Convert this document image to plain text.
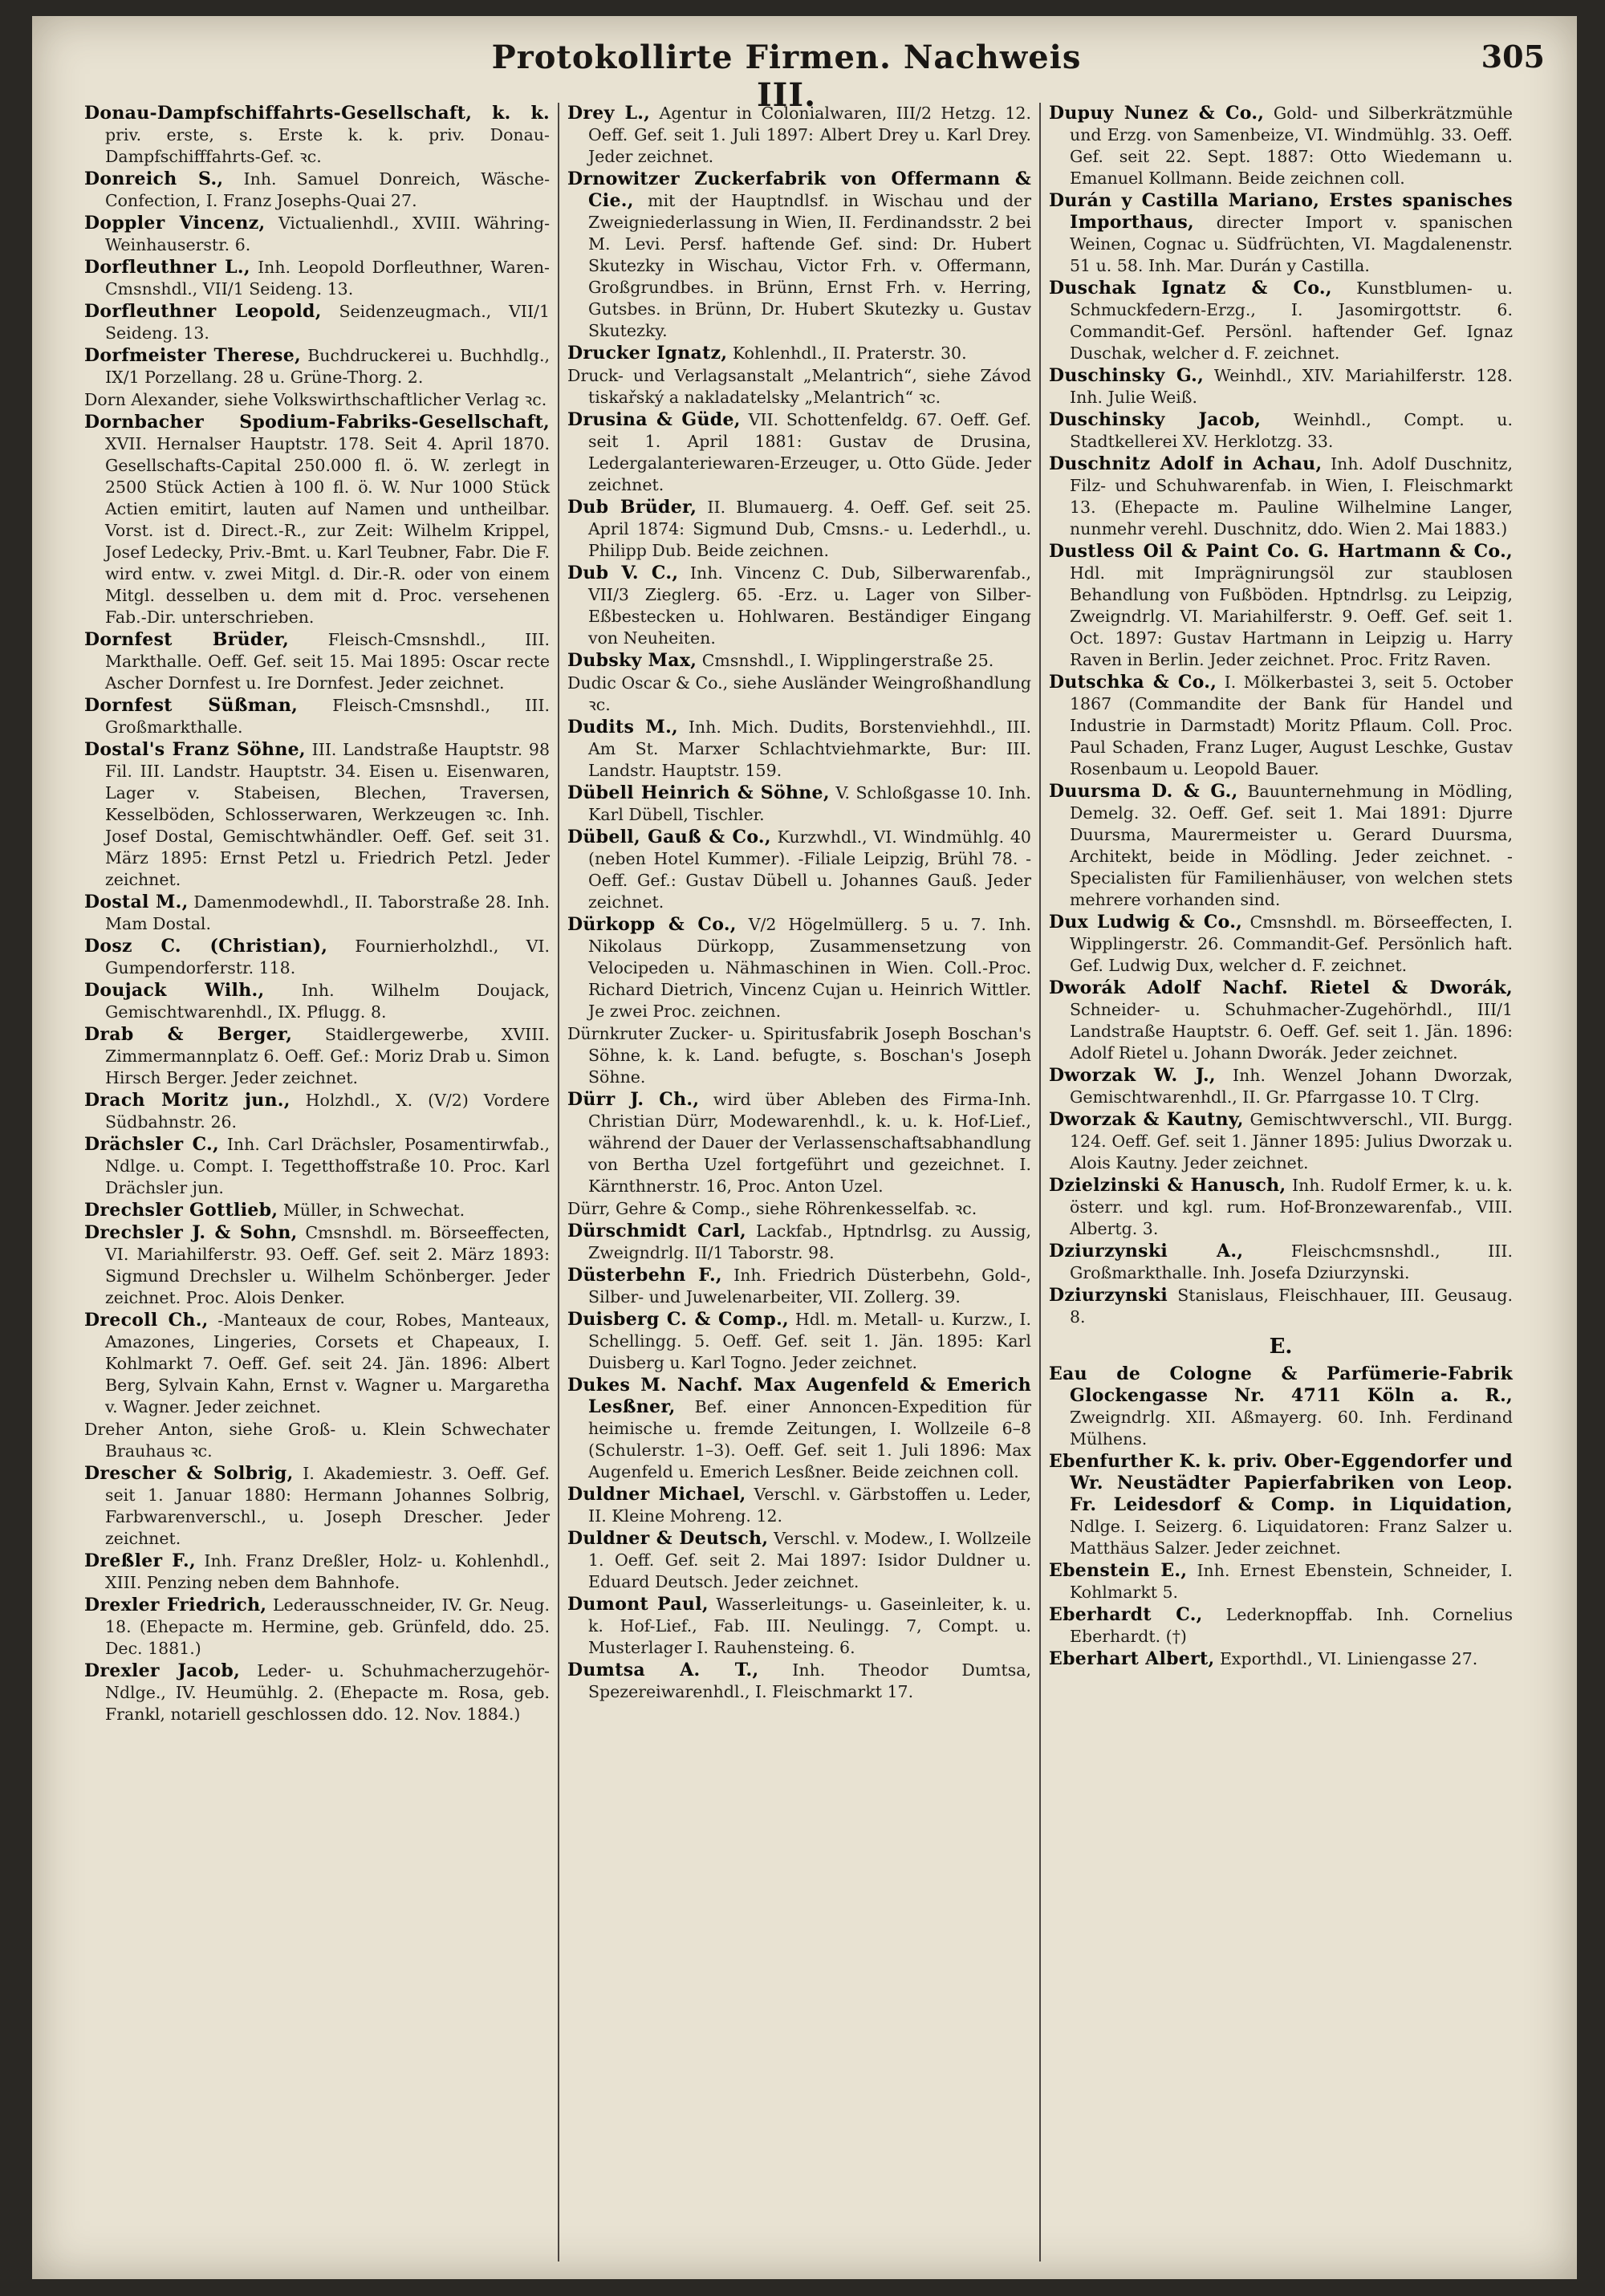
Protokollirte Firmen. Nachweis III.
305
Donau-Dampfschiffahrts-Gesellschaft, k. k. priv. erste, s. Erste k. k. priv. Donau-Dampfschifffahrts-Gef. ꝛc.
Donreich S., Inh. Samuel Donreich, Wäsche-Confection, I. Franz Josephs-Quai 27.
Doppler Vincenz, Victualienhdl., XVIII. Währing-Weinhauserstr. 6.
Dorfleuthner L., Inh. Leopold Dorfleuthner, Waren-Cmsnshdl., VII/1 Seideng. 13.
Dorfleuthner Leopold, Seidenzeugmach., VII/1 Seideng. 13.
Dorfmeister Therese, Buchdruckerei u. Buchhdlg., IX/1 Porzellang. 28 u. Grüne-Thorg. 2.
Dorn Alexander, siehe Volkswirthschaftlicher Verlag ꝛc.
Dornbacher Spodium-Fabriks-Gesellschaft, XVII. Hernalser Hauptstr. 178. Seit 4. April 1870. Gesellschafts-Capital 250.000 fl. ö. W. zerlegt in 2500 Stück Actien à 100 fl. ö. W. Nur 1000 Stück Actien emitirt, lauten auf Namen und untheilbar. Vorst. ist d. Direct.-R., zur Zeit: Wilhelm Krippel, Josef Ledecky, Priv.-Bmt. u. Karl Teubner, Fabr. Die F. wird entw. v. zwei Mitgl. d. Dir.-R. oder von einem Mitgl. desselben u. dem mit d. Proc. versehenen Fab.-Dir. unterschrieben.
Dornfest Brüder, Fleisch-Cmsnshdl., III. Markthalle. Oeff. Gef. seit 15. Mai 1895: Oscar recte Ascher Dornfest u. Ire Dornfest. Jeder zeichnet.
Dornfest Süßman, Fleisch-Cmsnshdl., III. Großmarkthalle.
Dostal's Franz Söhne, III. Landstraße Hauptstr. 98 Fil. III. Landstr. Hauptstr. 34. Eisen u. Eisenwaren, Lager v. Stabeisen, Blechen, Traversen, Kesselböden, Schlosserwaren, Werkzeugen ꝛc. Inh. Josef Dostal, Gemischtwhändler. Oeff. Gef. seit 31. März 1895: Ernst Petzl u. Friedrich Petzl. Jeder zeichnet.
Dostal M., Damenmodewhdl., II. Taborstraße 28. Inh. Mam Dostal.
Dosz C. (Christian), Fournierholzhdl., VI. Gumpendorferstr. 118.
Doujack Wilh., Inh. Wilhelm Doujack, Gemischtwarenhdl., IX. Pflugg. 8.
Drab & Berger, Staidlergewerbe, XVIII. Zimmermannplatz 6. Oeff. Gef.: Moriz Drab u. Simon Hirsch Berger. Jeder zeichnet.
Drach Moritz jun., Holzhdl., X. (V/2) Vordere Südbahnstr. 26.
Drächsler C., Inh. Carl Drächsler, Posamentirwfab., Ndlge. u. Compt. I. Tegetthoffstraße 10. Proc. Karl Drächsler jun.
Drechsler Gottlieb, Müller, in Schwechat.
Drechsler J. & Sohn, Cmsnshdl. m. Börseeffecten, VI. Mariahilferstr. 93. Oeff. Gef. seit 2. März 1893: Sigmund Drechsler u. Wilhelm Schönberger. Jeder zeichnet. Proc. Alois Denker.
Drecoll Ch., -Manteaux de cour, Robes, Manteaux, Amazones, Lingeries, Corsets et Chapeaux, I. Kohlmarkt 7. Oeff. Gef. seit 24. Jän. 1896: Albert Berg, Sylvain Kahn, Ernst v. Wagner u. Margaretha v. Wagner. Jeder zeichnet.
Dreher Anton, siehe Groß- u. Klein Schwechater Brauhaus ꝛc.
Drescher & Solbrig, I. Akademiestr. 3. Oeff. Gef. seit 1. Januar 1880: Hermann Johannes Solbrig, Farbwarenverschl., u. Joseph Drescher. Jeder zeichnet.
Dreßler F., Inh. Franz Dreßler, Holz- u. Kohlenhdl., XIII. Penzing neben dem Bahnhofe.
Drexler Friedrich, Lederausschneider, IV. Gr. Neug. 18. (Ehepacte m. Hermine, geb. Grünfeld, ddo. 25. Dec. 1881.)
Drexler Jacob, Leder- u. Schuhmacherzugehör-Ndlge., IV. Heumühlg. 2. (Ehepacte m. Rosa, geb. Frankl, notariell geschlossen ddo. 12. Nov. 1884.)
Drey L., Agentur in Colonialwaren, III/2 Hetzg. 12. Oeff. Gef. seit 1. Juli 1897: Albert Drey u. Karl Drey. Jeder zeichnet.
Drnowitzer Zuckerfabrik von Offermann & Cie., mit der Hauptndlsf. in Wischau und der Zweigniederlassung in Wien, II. Ferdinandsstr. 2 bei M. Levi. Persf. haftende Gef. sind: Dr. Hubert Skutezky in Wischau, Victor Frh. v. Offermann, Großgrundbes. in Brünn, Ernst Frh. v. Herring, Gutsbes. in Brünn, Dr. Hubert Skutezky u. Gustav Skutezky.
Drucker Ignatz, Kohlenhdl., II. Praterstr. 30.
Druck- und Verlagsanstalt „Melantrich“, siehe Závod tiskařský a nakladatelsky „Melantrich“ ꝛc.
Drusina & Güde, VII. Schottenfeldg. 67. Oeff. Gef. seit 1. April 1881: Gustav de Drusina, Ledergalanteriewaren-Erzeuger, u. Otto Güde. Jeder zeichnet.
Dub Brüder, II. Blumauerg. 4. Oeff. Gef. seit 25. April 1874: Sigmund Dub, Cmsns.- u. Lederhdl., u. Philipp Dub. Beide zeichnen.
Dub V. C., Inh. Vincenz C. Dub, Silberwarenfab., VII/3 Zieglerg. 65. -Erz. u. Lager von Silber-Eßbestecken u. Hohlwaren. Beständiger Eingang von Neuheiten.
Dubsky Max, Cmsnshdl., I. Wipplingerstraße 25.
Dudic Oscar & Co., siehe Ausländer Weingroßhandlung ꝛc.
Dudits M., Inh. Mich. Dudits, Borstenviehhdl., III. Am St. Marxer Schlachtviehmarkte, Bur: III. Landstr. Hauptstr. 159.
Dübell Heinrich & Söhne, V. Schloßgasse 10. Inh. Karl Dübell, Tischler.
Dübell, Gauß & Co., Kurzwhdl., VI. Windmühlg. 40 (neben Hotel Kummer). -Filiale Leipzig, Brühl 78. -Oeff. Gef.: Gustav Dübell u. Johannes Gauß. Jeder zeichnet.
Dürkopp & Co., V/2 Högelmüllerg. 5 u. 7. Inh. Nikolaus Dürkopp, Zusammensetzung von Velocipeden u. Nähmaschinen in Wien. Coll.-Proc. Richard Dietrich, Vincenz Cujan u. Heinrich Wittler. Je zwei Proc. zeichnen.
Dürnkruter Zucker- u. Spiritusfabrik Joseph Boschan's Söhne, k. k. Land. befugte, s. Boschan's Joseph Söhne.
Dürr J. Ch., wird über Ableben des Firma-Inh. Christian Dürr, Modewarenhdl., k. u. k. Hof-Lief., während der Dauer der Verlassenschaftsabhandlung von Bertha Uzel fortgeführt und gezeichnet. I. Kärnthnerstr. 16, Proc. Anton Uzel.
Dürr, Gehre & Comp., siehe Röhrenkesselfab. ꝛc.
Dürschmidt Carl, Lackfab., Hptndrlsg. zu Aussig, Zweigndrlg. II/1 Taborstr. 98.
Düsterbehn F., Inh. Friedrich Düsterbehn, Gold-, Silber- und Juwelenarbeiter, VII. Zollerg. 39.
Duisberg C. & Comp., Hdl. m. Metall- u. Kurzw., I. Schellingg. 5. Oeff. Gef. seit 1. Jän. 1895: Karl Duisberg u. Karl Togno. Jeder zeichnet.
Dukes M. Nachf. Max Augenfeld & Emerich Lesßner, Bef. einer Annoncen-Expedition für heimische u. fremde Zeitungen, I. Wollzeile 6–8 (Schulerstr. 1–3). Oeff. Gef. seit 1. Juli 1896: Max Augenfeld u. Emerich Lesßner. Beide zeichnen coll.
Duldner Michael, Verschl. v. Gärbstoffen u. Leder, II. Kleine Mohreng. 12.
Duldner & Deutsch, Verschl. v. Modew., I. Wollzeile 1. Oeff. Gef. seit 2. Mai 1897: Isidor Duldner u. Eduard Deutsch. Jeder zeichnet.
Dumont Paul, Wasserleitungs- u. Gaseinleiter, k. u. k. Hof-Lief., Fab. III. Neulingg. 7, Compt. u. Musterlager I. Rauhensteing. 6.
Dumtsa A. T., Inh. Theodor Dumtsa, Spezereiwarenhdl., I. Fleischmarkt 17.
Dupuy Nunez & Co., Gold- und Silberkrätzmühle und Erzg. von Samenbeize, VI. Windmühlg. 33. Oeff. Gef. seit 22. Sept. 1887: Otto Wiedemann u. Emanuel Kollmann. Beide zeichnen coll.
Durán y Castilla Mariano, Erstes spanisches Importhaus, directer Import v. spanischen Weinen, Cognac u. Südfrüchten, VI. Magdalenenstr. 51 u. 58. Inh. Mar. Durán y Castilla.
Duschak Ignatz & Co., Kunstblumen- u. Schmuckfedern-Erzg., I. Jasomirgottstr. 6. Commandit-Gef. Persönl. haftender Gef. Ignaz Duschak, welcher d. F. zeichnet.
Duschinsky G., Weinhdl., XIV. Mariahilferstr. 128. Inh. Julie Weiß.
Duschinsky Jacob, Weinhdl., Compt. u. Stadtkellerei XV. Herklotzg. 33.
Duschnitz Adolf in Achau, Inh. Adolf Duschnitz, Filz- und Schuhwarenfab. in Wien, I. Fleischmarkt 13. (Ehepacte m. Pauline Wilhelmine Langer, nunmehr verehl. Duschnitz, ddo. Wien 2. Mai 1883.)
Dustless Oil & Paint Co. G. Hartmann & Co., Hdl. mit Imprägnirungsöl zur staublosen Behandlung von Fußböden. Hptndrlsg. zu Leipzig, Zweigndrlg. VI. Mariahilferstr. 9. Oeff. Gef. seit 1. Oct. 1897: Gustav Hartmann in Leipzig u. Harry Raven in Berlin. Jeder zeichnet. Proc. Fritz Raven.
Dutschka & Co., I. Mölkerbastei 3, seit 5. October 1867 (Commandite der Bank für Handel und Industrie in Darmstadt) Moritz Pflaum. Coll. Proc. Paul Schaden, Franz Luger, August Leschke, Gustav Rosenbaum u. Leopold Bauer.
Duursma D. & G., Bauunternehmung in Mödling, Demelg. 32. Oeff. Gef. seit 1. Mai 1891: Djurre Duursma, Maurermeister u. Gerard Duursma, Architekt, beide in Mödling. Jeder zeichnet. -Specialisten für Familienhäuser, von welchen stets mehrere vorhanden sind.
Dux Ludwig & Co., Cmsnshdl. m. Börseeffecten, I. Wipplingerstr. 26. Commandit-Gef. Persönlich haft. Gef. Ludwig Dux, welcher d. F. zeichnet.
Dworák Adolf Nachf. Rietel & Dworák, Schneider- u. Schuhmacher-Zugehörhdl., III/1 Landstraße Hauptstr. 6. Oeff. Gef. seit 1. Jän. 1896: Adolf Rietel u. Johann Dworák. Jeder zeichnet.
Dworzak W. J., Inh. Wenzel Johann Dworzak, Gemischtwarenhdl., II. Gr. Pfarrgasse 10. T Clrg.
Dworzak & Kautny, Gemischtwverschl., VII. Burgg. 124. Oeff. Gef. seit 1. Jänner 1895: Julius Dworzak u. Alois Kautny. Jeder zeichnet.
Dzielzinski & Hanusch, Inh. Rudolf Ermer, k. u. k. österr. und kgl. rum. Hof-Bronzewarenfab., VIII. Albertg. 3.
Dziurzynski A.,	Fleischcmsnshdl., III. Großmarkthalle. Inh. Josefa Dziurzynski.
Dziurzynski Stanislaus, Fleischhauer, III. Geusaug. 8.
E.
Eau de Cologne & Parfümerie-Fabrik Glockengasse Nr. 4711 Köln a. R., Zweigndrlg. XII. Aßmayerg. 60. Inh. Ferdinand Mülhens.
Ebenfurther K. k. priv. Ober-Eggendorfer und Wr. Neustädter Papierfabriken von Leop. Fr. Leidesdorf & Comp. in Liquidation, Ndlge. I. Seizerg. 6. Liquidatoren: Franz Salzer u. Matthäus Salzer. Jeder zeichnet.
Ebenstein E., Inh. Ernest Ebenstein, Schneider, I. Kohlmarkt 5.
Eberhardt C., Lederknopffab. Inh. Cornelius Eberhardt. (†)
Eberhart Albert, Exporthdl., VI. Liniengasse 27.
